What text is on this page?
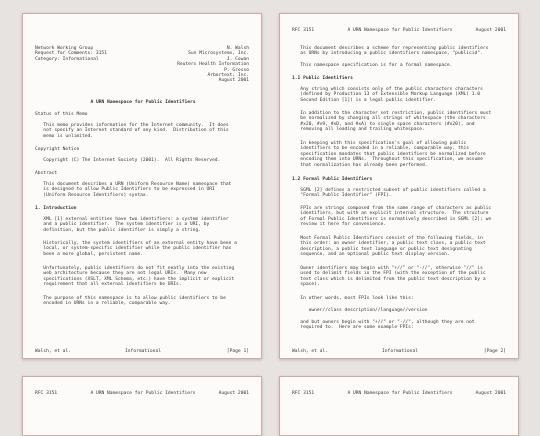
Network Working Group
Request for Comments: 3151
Category: Informational
N. Walsh
Sun Microsystems, Inc.
J. Cowan
Reuters Health Information
P. Grosso
Arbortext, Inc.
August 2001
A URN Namespace for Public Identifiers
Status of this Memo
This memo provides information for the Internet community.  It does
not specify an Internet standard of any kind.  Distribution of this
memo is unlimited.
Copyright Notice
Copyright (C) The Internet Society (2001).  All Rights Reserved.
Abstract
This document describes a URN (Uniform Resource Name) namespace that
is designed to allow Public Identifiers to be expressed in URI
(Uniform Resource Identifiers) syntax.
1. Introduction
XML [1] external entities have two identifiers: a system identifier
and a public identifier.  The system identifier is a URI, by
definition, but the public identifier is simply a string.
Historically, the system identifiers of an external entity have been a
local, or system-specific identifier while the public identifier has
been a more global, persistent name.
Unfortunately, public identifiers do not fit neatly into the existing
web architecture because they are not legal URIs.  Many new
specifications (XSLT, XML Schema, etc.) have the implicit or explicit
requirement that all external identifiers be URIs.
The purpose of this namespace is to allow public identifiers to be
encoded in URNs in a reliable, comparable way.
Walsh, et al.	Informational	[Page 1]
RFC 3151	A URN Namespace for Public Identifiers	August 2001
This document describes a scheme for representing public identifiers
as URNs by introducing a public identifiers namespace, "publicid".
This namespace specification is for a formal namespace.
1.1 Public Identifiers
Any string which consists only of the public characters characters
(defined by Production 13 of Extensible Markup Language (XML) 1.0
Second Edition [1]) is a legal public identifier.
In addition to the character set restriction, public identifiers must
be normalized by changing all strings of whitespace (the characters
#x20, #x9, #xD, and #xA) to single space characters (#x20), and
removing all leading and trailing whitespace.
In keeping with this specification's goal of allowing public
identifiers to be encoded in a reliable, comparable way, this
specification mandates that public identifiers be normalized before
encoding them into URNs.  Throughout this specification, we assume
that normalization has already been performed.
1.2 Formal Public Identifiers
SGML [2] defines a restricted subset of public identifiers called a
"Formal Public Identifier" (FPI).
FPIs are strings composed from the same range of characters as public
identifiers, but with an explicit internal structure.  The structure
of Formal Public Identifiers is normatively described in SGML [2]; we
review it here for convenience.
Most Formal Public Identifiers consist of the following fields, in
this order: an owner identifier, a public text class, a public text
description, a public text language or public text designating
sequence, and an optional public text display version.
Owner identifiers may begin with "+//" or "-//", otherwise "//" is
used to delimit fields in the FPI (with the exception of the public
text class which is delimited from the public text description by a
space).
In other words, most FPIs look like this:
owner//class description//language//version
and but owners begin with "+//" or "-//", although they are not
required to.  Here are some example FPIs:
Walsh, et al.	Informational	[Page 2]
RFC 3151	A URN Namespace for Public Identifiers	August 2001	RFC 3151	A URN Namespace for Public Identifiers	August 2001
